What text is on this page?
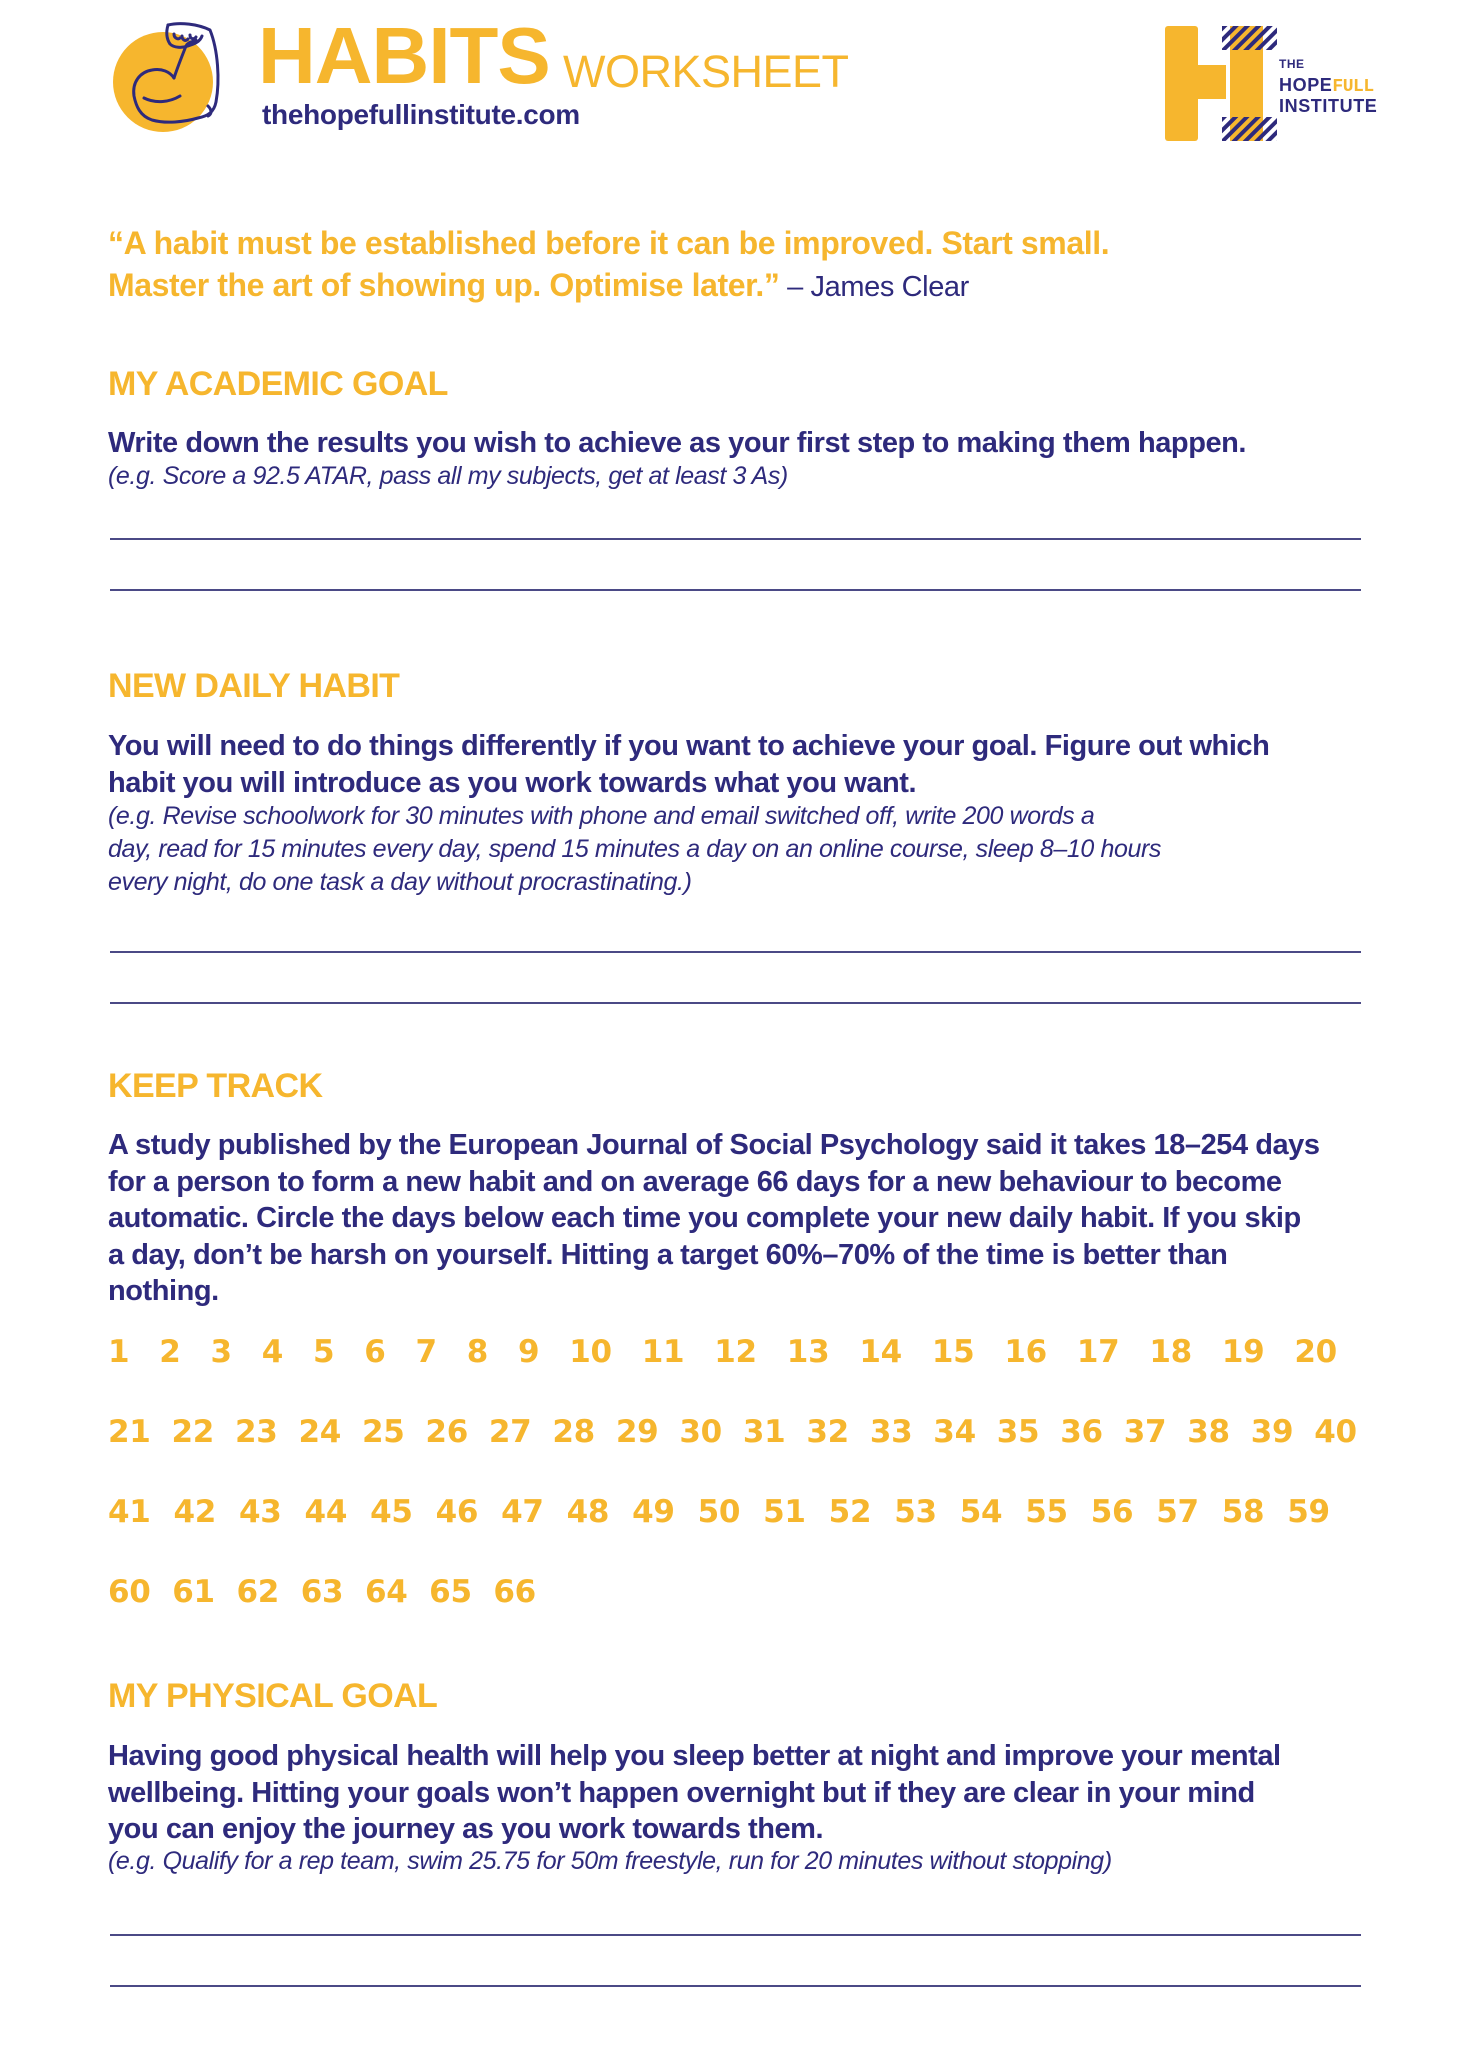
HABITS WORKSHEET
thehopefullinstitute.com
THE
HOPEFULL
INSTITUTE
“A habit must be established before it can be improved. Start small.
Master the art of showing up. Optimise later.” – James Clear
MY ACADEMIC GOAL
Write down the results you wish to achieve as your first step to making them happen.
(e.g. Score a 92.5 ATAR, pass all my subjects, get at least 3 As)
NEW DAILY HABIT
You will need to do things differently if you want to achieve your goal. Figure out which
habit you will introduce as you work towards what you want.
(e.g. Revise schoolwork for 30 minutes with phone and email switched off, write 200 words a
day, read for 15 minutes every day, spend 15 minutes a day on an online course, sleep 8–10 hours
every night, do one task a day without procrastinating.)
KEEP TRACK
A study published by the European Journal of Social Psychology said it takes 18–254 days
for a person to form a new habit and on average 66 days for a new behaviour to become
automatic. Circle the days below each time you complete your new daily habit. If you skip
a day, don’t be harsh on yourself. Hitting a target 60%–70% of the time is better than
nothing.
1 2 3 4 5 6 7 8 9 10 11 12 13 14 15 16 17 18 19 20
21 22 23 24 25 26 27 28 29 30 31 32 33 34 35 36 37 38 39 40
41 42 43 44 45 46 47 48 49 50 51 52 53 54 55 56 57 58 59
60 61 62 63 64 65 66
MY PHYSICAL GOAL
Having good physical health will help you sleep better at night and improve your mental
wellbeing. Hitting your goals won’t happen overnight but if they are clear in your mind
you can enjoy the journey as you work towards them.
(e.g. Qualify for a rep team, swim 25.75 for 50m freestyle, run for 20 minutes without stopping)
